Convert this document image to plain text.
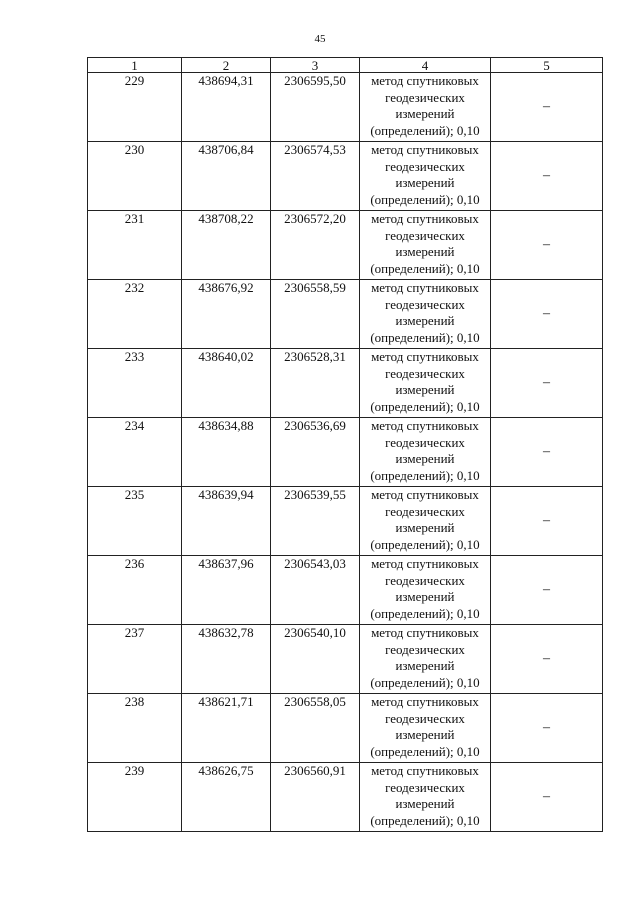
45
1	2	3	4	5
229	438694,31	2306595,50	метод спутниковых
геодезических
измерений
(определений); 0,10	–
230	438706,84	2306574,53	метод спутниковых
геодезических
измерений
(определений); 0,10	–
231	438708,22	2306572,20	метод спутниковых
геодезических
измерений
(определений); 0,10	–
232	438676,92	2306558,59	метод спутниковых
геодезических
измерений
(определений); 0,10	–
233	438640,02	2306528,31	метод спутниковых
геодезических
измерений
(определений); 0,10	–
234	438634,88	2306536,69	метод спутниковых
геодезических
измерений
(определений); 0,10	–
235	438639,94	2306539,55	метод спутниковых
геодезических
измерений
(определений); 0,10	–
236	438637,96	2306543,03	метод спутниковых
геодезических
измерений
(определений); 0,10	–
237	438632,78	2306540,10	метод спутниковых
геодезических
измерений
(определений); 0,10	–
238	438621,71	2306558,05	метод спутниковых
геодезических
измерений
(определений); 0,10	–
239	438626,75	2306560,91	метод спутниковых
геодезических
измерений
(определений); 0,10	–
